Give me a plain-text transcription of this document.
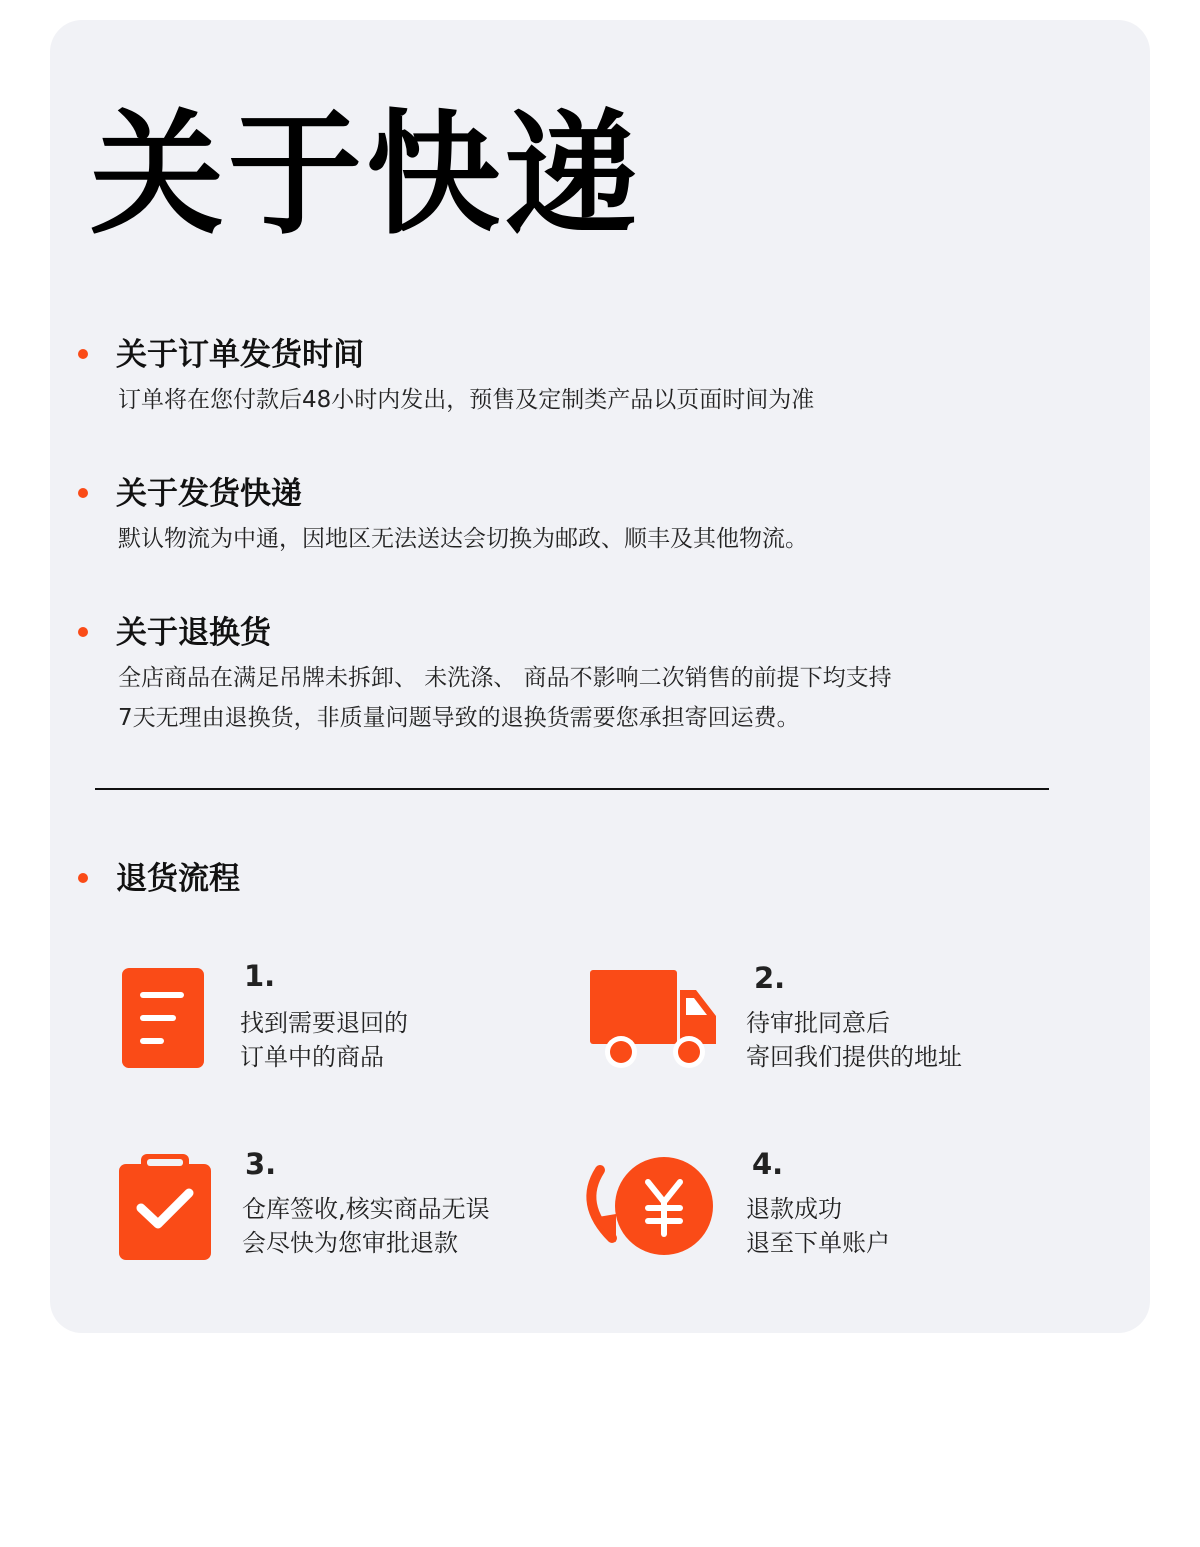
关于快递
关于订单发货时间

订单将在您付款后48小时内发出，预售及定制类产品以页面时间为准

关于发货快递

默认物流为中通，因地区无法送达会切换为邮政、顺丰及其他物流。

关于退换货

全店商品在满足吊牌未拆卸、 未洗涤、 商品不影响二次销售的前提下均支持

7天无理由退换货，非质量问题导致的退换货需要您承担寄回运费。

退货流程
1.
找到需要退回的
订单中的商品
2.
待审批同意后
寄回我们提供的地址
3.
仓库签收,核实商品无误
会尽快为您审批退款
4.
退款成功
退至下单账户
